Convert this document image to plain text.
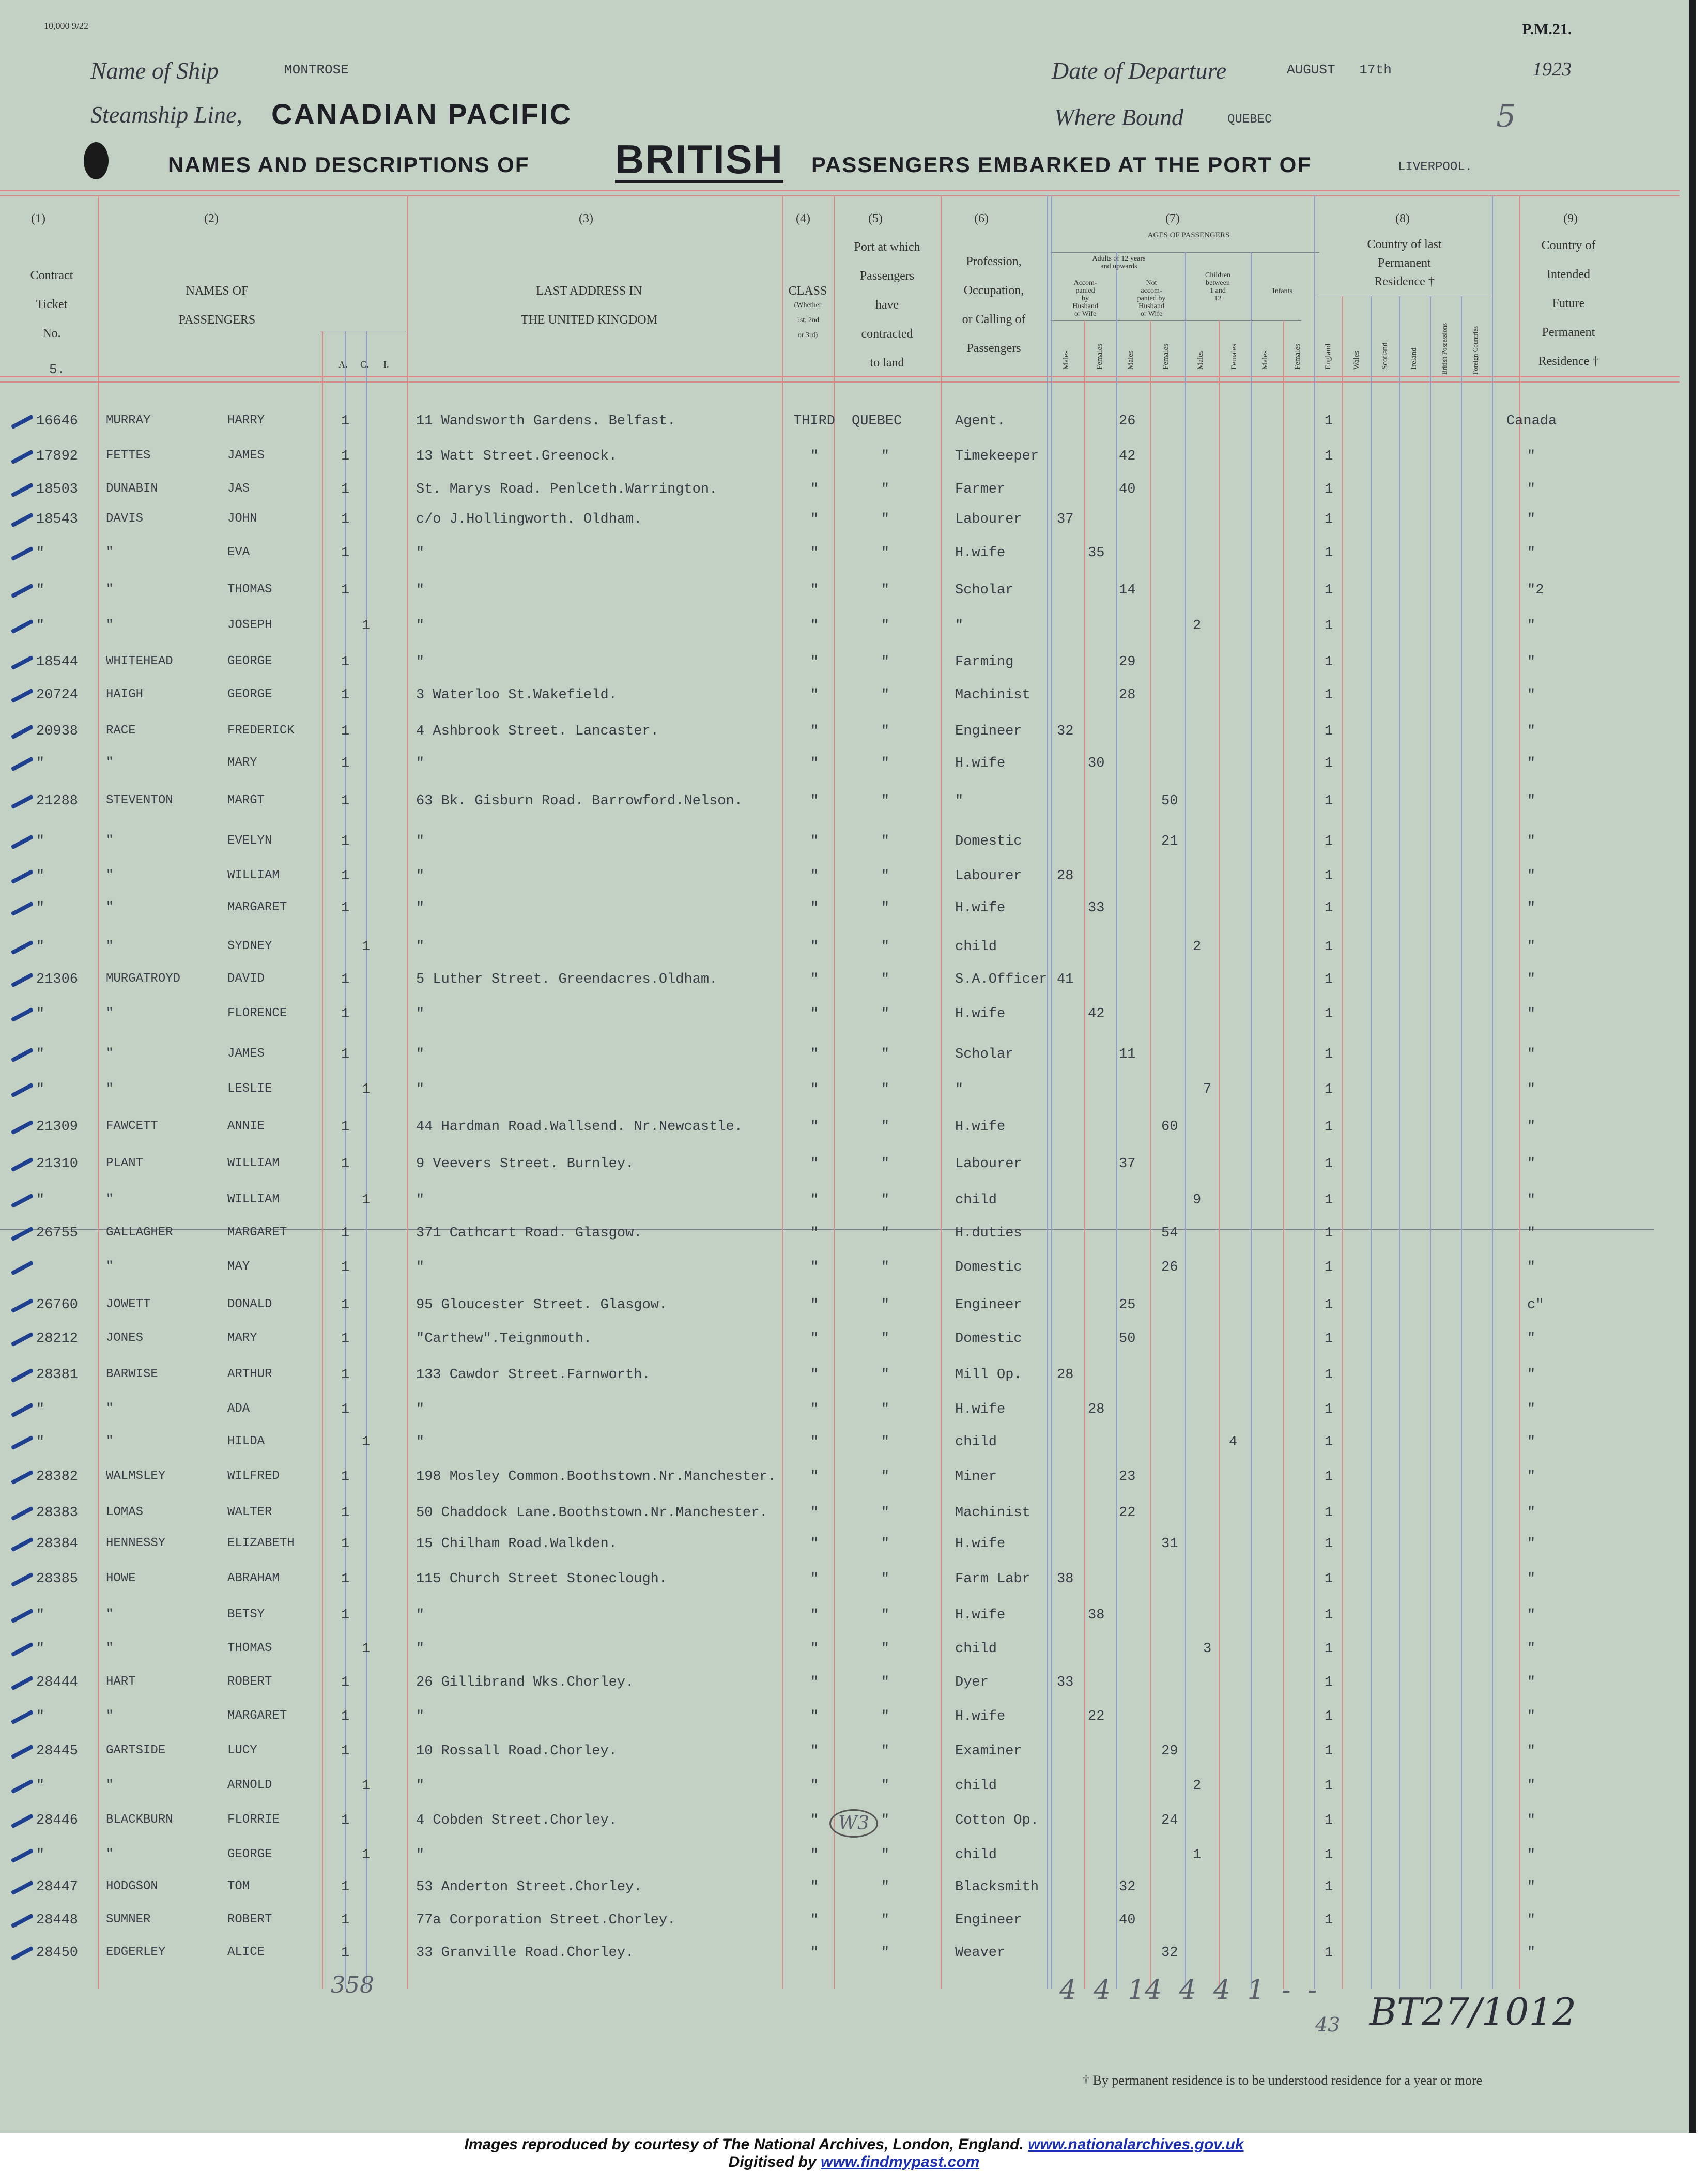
10,000 9/22	P.M.21.
Name of Ship	MONTROSE	Date of Departure	AUGUST   17th	1923
Steamship Line, CANADIAN PACIFIC	Where Bound	QUEBEC	5
NAMES AND DESCRIPTIONS OF BRITISH PASSENGERS EMBARKED AT THE PORT OF	LIVERPOOL.
(1)	(2)	(3)	(4)	(5)	(6)	(7)	(8)	(9)
Contract
Ticket
No.
5.
NAMES OF
PASSENGERS
A. C. I.
LAST ADDRESS IN
THE UNITED KINGDOM
CLASS
(Whether
1st, 2nd
or 3rd)
Port at which
Passengers
have
contracted
to land
Profession,
Occupation,
or Calling of
Passengers
AGES OF PASSENGERS
Adults of 12 years
and upwards
Accom-
panied
by
Husband
or Wife
Not
accom-
panied by
Husband
or Wife
Children
between
1 and
12
Infants
Males	Females	Males	Females	Males	Females	Males	Females
Country of last
Permanent
Residence †
England	Wales	Scotland	Ireland	British Possessions	Foreign Countries
Country of
Intended
Future
Permanent
Residence †
16646 MURRAY	HARRY	1	11 Wandsworth Gardens. Belfast.	THIRD QUEBEC	Agent.	26	1	Canada
17892 FETTES	JAMES	1	13 Watt Street.Greenock.	"	"	Timekeeper	42	1	"
18503 DUNABIN	JAS	1	St. Marys Road. Penlceth.Warrington.	"	"	Farmer	40	1	"
18543 DAVIS	JOHN	1	c/o J.Hollingworth. Oldham.	"	"	Labourer 37	1	"
"	"	EVA	1	"	"	"	H.wife	35	1	"
"	"	THOMAS	1	"	"	"	Scholar	14	1	"2
"	"	JOSEPH	1	"	"	"	"	2	1	"
18544 WHITEHEAD	GEORGE	1	"	"	"	Farming	29	1	"
20724 HAIGH	GEORGE	1	3 Waterloo St.Wakefield.	"	"	Machinist	28	1	"
20938 RACE	FREDERICK	1	4 Ashbrook Street. Lancaster.	"	"	Engineer 32	1	"
"	"	MARY	1	"	"	"	H.wife	30	1	"
21288 STEVENTON	MARGT	1	63 Bk. Gisburn Road. Barrowford.Nelson.	"	"	"	50	1	"
"	"	EVELYN	1	"	"	"	Domestic	21	1	"
"	"	WILLIAM	1	"	"	"	Labourer 28	1	"
"	"	MARGARET	1	"	"	"	H.wife	33	1	"
"	"	SYDNEY	1	"	"	"	child	2	1	"
21306 MURGATROYD	DAVID	1	5 Luther Street. Greendacres.Oldham.	"	"	S.A.Officer 41	1	"
"	"	FLORENCE	1	"	"	"	H.wife	42	1	"
"	"	JAMES	1	"	"	"	Scholar	11	1	"
"	"	LESLIE	1	"	"	"	"	7	1	"
21309 FAWCETT	ANNIE	1	44 Hardman Road.Wallsend. Nr.Newcastle.	"	"	H.wife	60	1	"
21310 PLANT	WILLIAM	1	9 Veevers Street. Burnley.	"	"	Labourer	37	1	"
"	"	WILLIAM	1	"	"	"	child	9	1	"
26755 GALLAGHER	MARGARET	1	371 Cathcart Road. Glasgow.	"	"	H.duties	54	1	"
"	MAY	1	"	"	"	Domestic	26	1	"
26760 JOWETT	DONALD	1	95 Gloucester Street. Glasgow.	"	"	Engineer	25	1	c"
28212 JONES	MARY	1	"Carthew".Teignmouth.	"	"	Domestic	50	1	"
28381 BARWISE	ARTHUR	1	133 Cawdor Street.Farnworth.	"	"	Mill Op. 28	1	"
"	"	ADA	1	"	"	"	H.wife	28	1	"
"	"	HILDA	1	"	"	"	child	4	1	"
28382 WALMSLEY	WILFRED	1	198 Mosley Common.Boothstown.Nr.Manchester. "	"	Miner	23	1	"
28383 LOMAS	WALTER	1	50 Chaddock Lane.Boothstown.Nr.Manchester.	"	"	Machinist	22	1	"
28384 HENNESSY	ELIZABETH	1	15 Chilham Road.Walkden.	"	"	H.wife	31	1	"
28385 HOWE	ABRAHAM	1	115 Church Street Stoneclough.	"	"	Farm Labr 38	1	"
"	"	BETSY	1	"	"	"	H.wife	38	1	"
"	"	THOMAS	1	"	"	"	child	3	1	"
28444 HART	ROBERT	1	26 Gillibrand Wks.Chorley.	"	"	Dyer	33	1	"
"	"	MARGARET	1	"	"	"	H.wife	22	1	"
28445 GARTSIDE	LUCY	1	10 Rossall Road.Chorley.	"	"	Examiner	29	1	"
"	"	ARNOLD	1	"	"	"	child	2	1	"
28446 BLACKBURN	FLORRIE	1	4 Cobden Street.Chorley.	"	"	Cotton Op.	24	1	"
"	"	GEORGE	1	"	"	"	child	1	1	"
28447 HODGSON	TOM	1	53 Anderton Street.Chorley.	"	"	Blacksmith	32	1	"
28448 SUMNER	ROBERT	1	77a Corporation Street.Chorley.	"	"	Engineer	40	1	"
28450 EDGERLEY	ALICE	1	33 Granville Road.Chorley.	"	"	Weaver	32	1	"
358	4  4  14  4  4  1  -  -
43 BT27/1012
W3
† By permanent residence is to be understood residence for a year or more
Images reproduced by courtesy of The National Archives, London, England. www.nationalarchives.gov.uk
Digitised by www.findmypast.com
